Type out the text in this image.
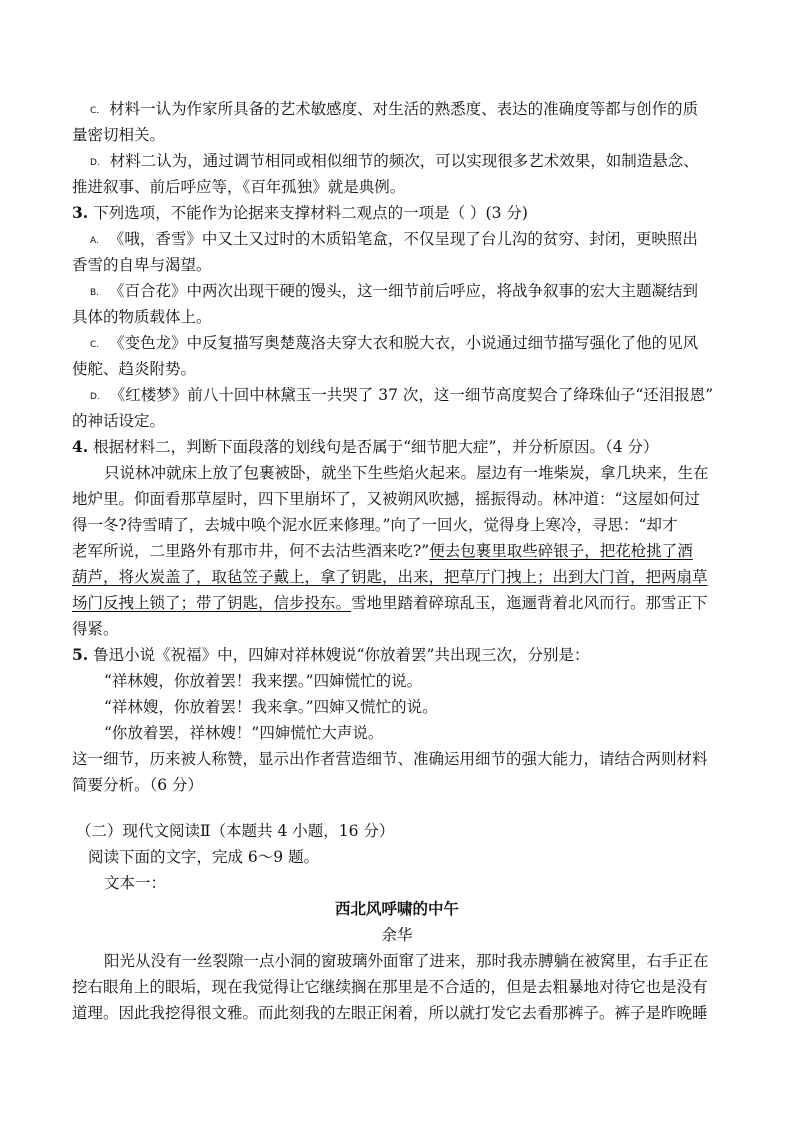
C. 材料一认为作家所具备的艺术敏感度、对生活的熟悉度、表达的准确度等都与创作的质
量密切相关。
D. 材料二认为，通过调节相同或相似细节的频次，可以实现很多艺术效果，如制造悬念、
推进叙事、前后呼应等，《百年孤独》就是典例。
3. 下列选项，不能作为论据来支撑材料二观点的一项是（ ）(3 分)
A. 《哦，香雪》中又土又过时的木质铅笔盒，不仅呈现了台儿沟的贫穷、封闭，更映照出
香雪的自卑与渴望。
B. 《百合花》中两次出现干硬的馒头，这一细节前后呼应，将战争叙事的宏大主题凝结到
具体的物质载体上。
C. 《变色龙》中反复描写奥楚蔑洛夫穿大衣和脱大衣，小说通过细节描写强化了他的见风
使舵、趋炎附势。
D. 《红楼梦》前八十回中林黛玉一共哭了 37 次，这一细节高度契合了绛珠仙子“还泪报恩”
的神话设定。
4. 根据材料二，判断下面段落的划线句是否属于“细节肥大症”，并分析原因。（4 分）
只说林冲就床上放了包裹被卧，就坐下生些焰火起来。屋边有一堆柴炭，拿几块来，生在
地炉里。仰面看那草屋时，四下里崩坏了，又被朔风吹撼，摇振得动。林冲道：“这屋如何过
得一冬?待雪晴了，去城中唤个泥水匠来修理。”向了一回火，觉得身上寒冷，寻思：“却才
老军所说，二里路外有那市井，何不去沽些酒来吃?”便去包裹里取些碎银子，把花枪挑了酒
葫芦，将火炭盖了，取毡笠子戴上，拿了钥匙，出来，把草厅门拽上；出到大门首，把两扇草
场门反拽上锁了；带了钥匙，信步投东。雪地里踏着碎琼乱玉，迤逦背着北风而行。那雪正下
得紧。
5. 鲁迅小说《祝福》中，四婶对祥林嫂说“你放着罢”共出现三次，分别是：
“祥林嫂，你放着罢！我来摆。”四婶慌忙的说。
“祥林嫂，你放着罢！我来拿。”四婶又慌忙的说。
“你放着罢，祥林嫂！”四婶慌忙大声说。
这一细节，历来被人称赞，显示出作者营造细节、准确运用细节的强大能力，请结合两则材料
简要分析。（6 分）
（二）现代文阅读Ⅱ（本题共 4 小题，16 分）
阅读下面的文字，完成 6～9 题。
文本一：
西北风呼啸的中午
余华
阳光从没有一丝裂隙一点小洞的窗玻璃外面窜了进来，那时我赤膊躺在被窝里，右手正在
挖右眼角上的眼垢，现在我觉得让它继续搁在那里是不合适的，但是去粗暴地对待它也是没有
道理。因此我挖得很文雅。而此刻我的左眼正闲着，所以就打发它去看那裤子。裤子是昨晚睡
